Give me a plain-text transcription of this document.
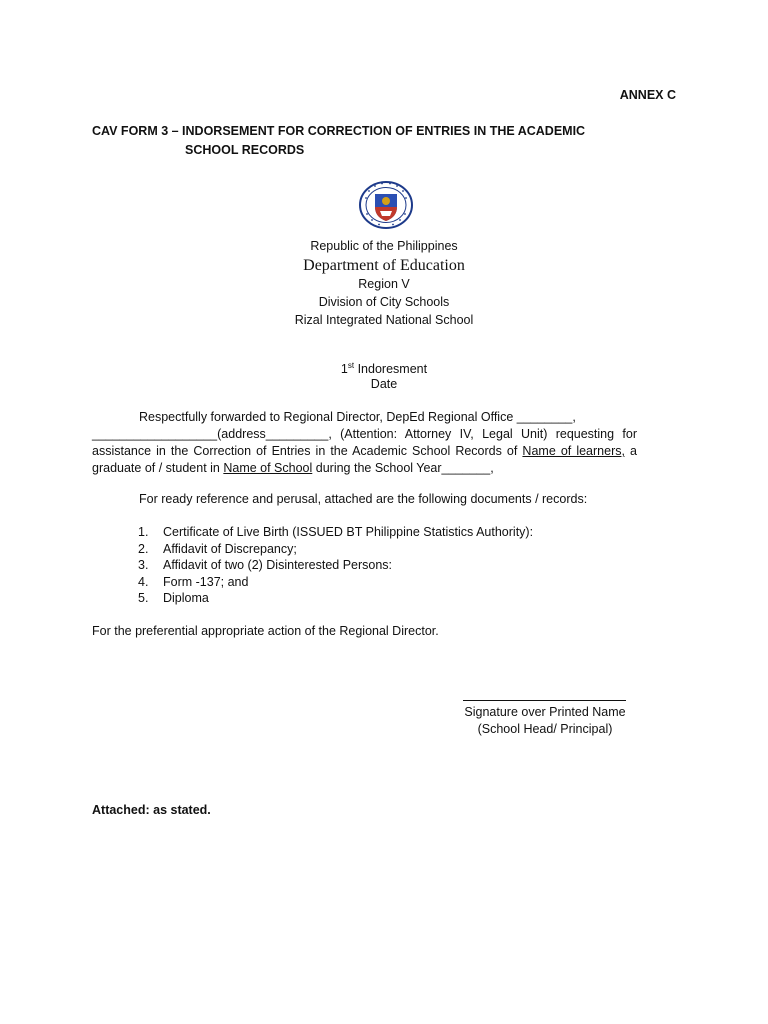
ANNEX C
CAV FORM 3 – INDORSEMENT FOR CORRECTION OF ENTRIES IN THE ACADEMIC
SCHOOL RECORDS
Republic of the Philippines
Department of Education
Region V
Division of City Schools
Rizal Integrated National School
1st Indoresment
Date
Respectfully forwarded to Regional Director, DepEd Regional Office ________,
__________________(address_________, (Attention: Attorney IV, Legal Unit) requesting for assistance in the Correction of Entries in the Academic School Records of Name of learners, a graduate of / student in Name of School during the School Year_______,
For ready reference and perusal, attached are the following documents / records:
1. Certificate of Live Birth (ISSUED BT Philippine Statistics Authority):
2. Affidavit of Discrepancy;
3. Affidavit of two (2) Disinterested Persons:
4. Form -137; and
5. Diploma
For the preferential appropriate action of the Regional Director.
Signature over Printed Name
(School Head/ Principal)
Attached: as stated.
